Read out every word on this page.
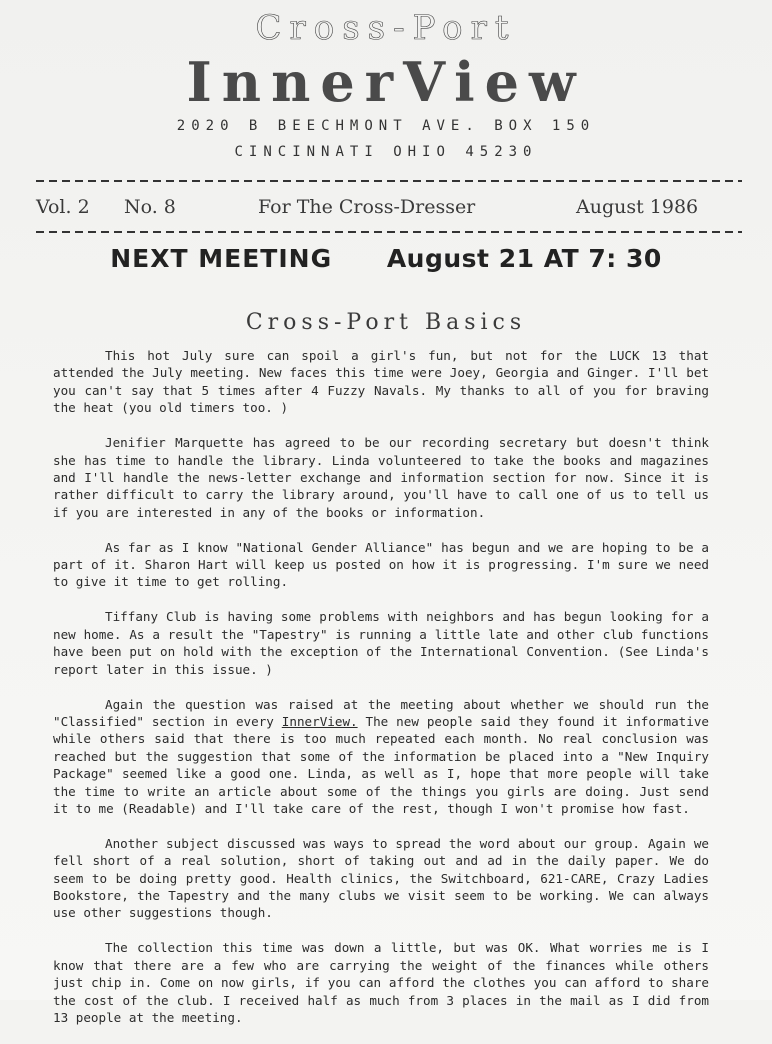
Cross-Port
InnerView
2020 B BEECHMONT AVE. BOX 150
CINCINNATI OHIO 45230
Vol. 2 No. 8	For The Cross-Dresser	August 1986
NEXT MEETING August 21 AT 7: 30
Cross-Port Basics

This hot July sure can spoil a girl's fun, but not for the LUCK 13 that attended the July meeting. New faces this time were Joey, Georgia and Ginger. I'll bet you can't say that 5 times after 4 Fuzzy Navals. My thanks to all of you for braving the heat (you old timers too. )

Jenifier Marquette has agreed to be our recording secretary but doesn't think she has time to handle the library. Linda volunteered to take the books and magazines and I'll handle the news-letter exchange and information section for now. Since it is rather difficult to carry the library around, you'll have to call one of us to tell us if you are interested in any of the books or information.

As far as I know "National Gender Alliance" has begun and we are hoping to be a part of it. Sharon Hart will keep us posted on how it is progressing. I'm sure we need to give it time to get rolling.

Tiffany Club is having some problems with neighbors and has begun looking for a new home. As a result the "Tapestry" is running a little late and other club functions have been put on hold with the exception of the International Convention. (See Linda's report later in this issue. )

Again the question was raised at the meeting about whether we should run the "Classified" section in every InnerView. The new people said they found it informative while others said that there is too much repeated each month. No real conclusion was reached but the suggestion that some of the information be placed into a "New Inquiry Package" seemed like a good one. Linda, as well as I, hope that more people will take the time to write an article about some of the things you girls are doing. Just send it to me (Readable) and I'll take care of the rest, though I won't promise how fast.

Another subject discussed was ways to spread the word about our group. Again we fell short of a real solution, short of taking out and ad in the daily paper. We do seem to be doing pretty good. Health clinics, the Switchboard, 621-CARE, Crazy Ladies Bookstore, the Tapestry and the many clubs we visit seem to be working. We can always use other suggestions though.

The collection this time was down a little, but was OK. What worries me is I know that there are a few who are carrying the weight of the finances while others just chip in. Come on now girls, if you can afford the clothes you can afford to share the cost of the club. I received half as much from 3 places in the mail as I did from 13 people at the meeting.
